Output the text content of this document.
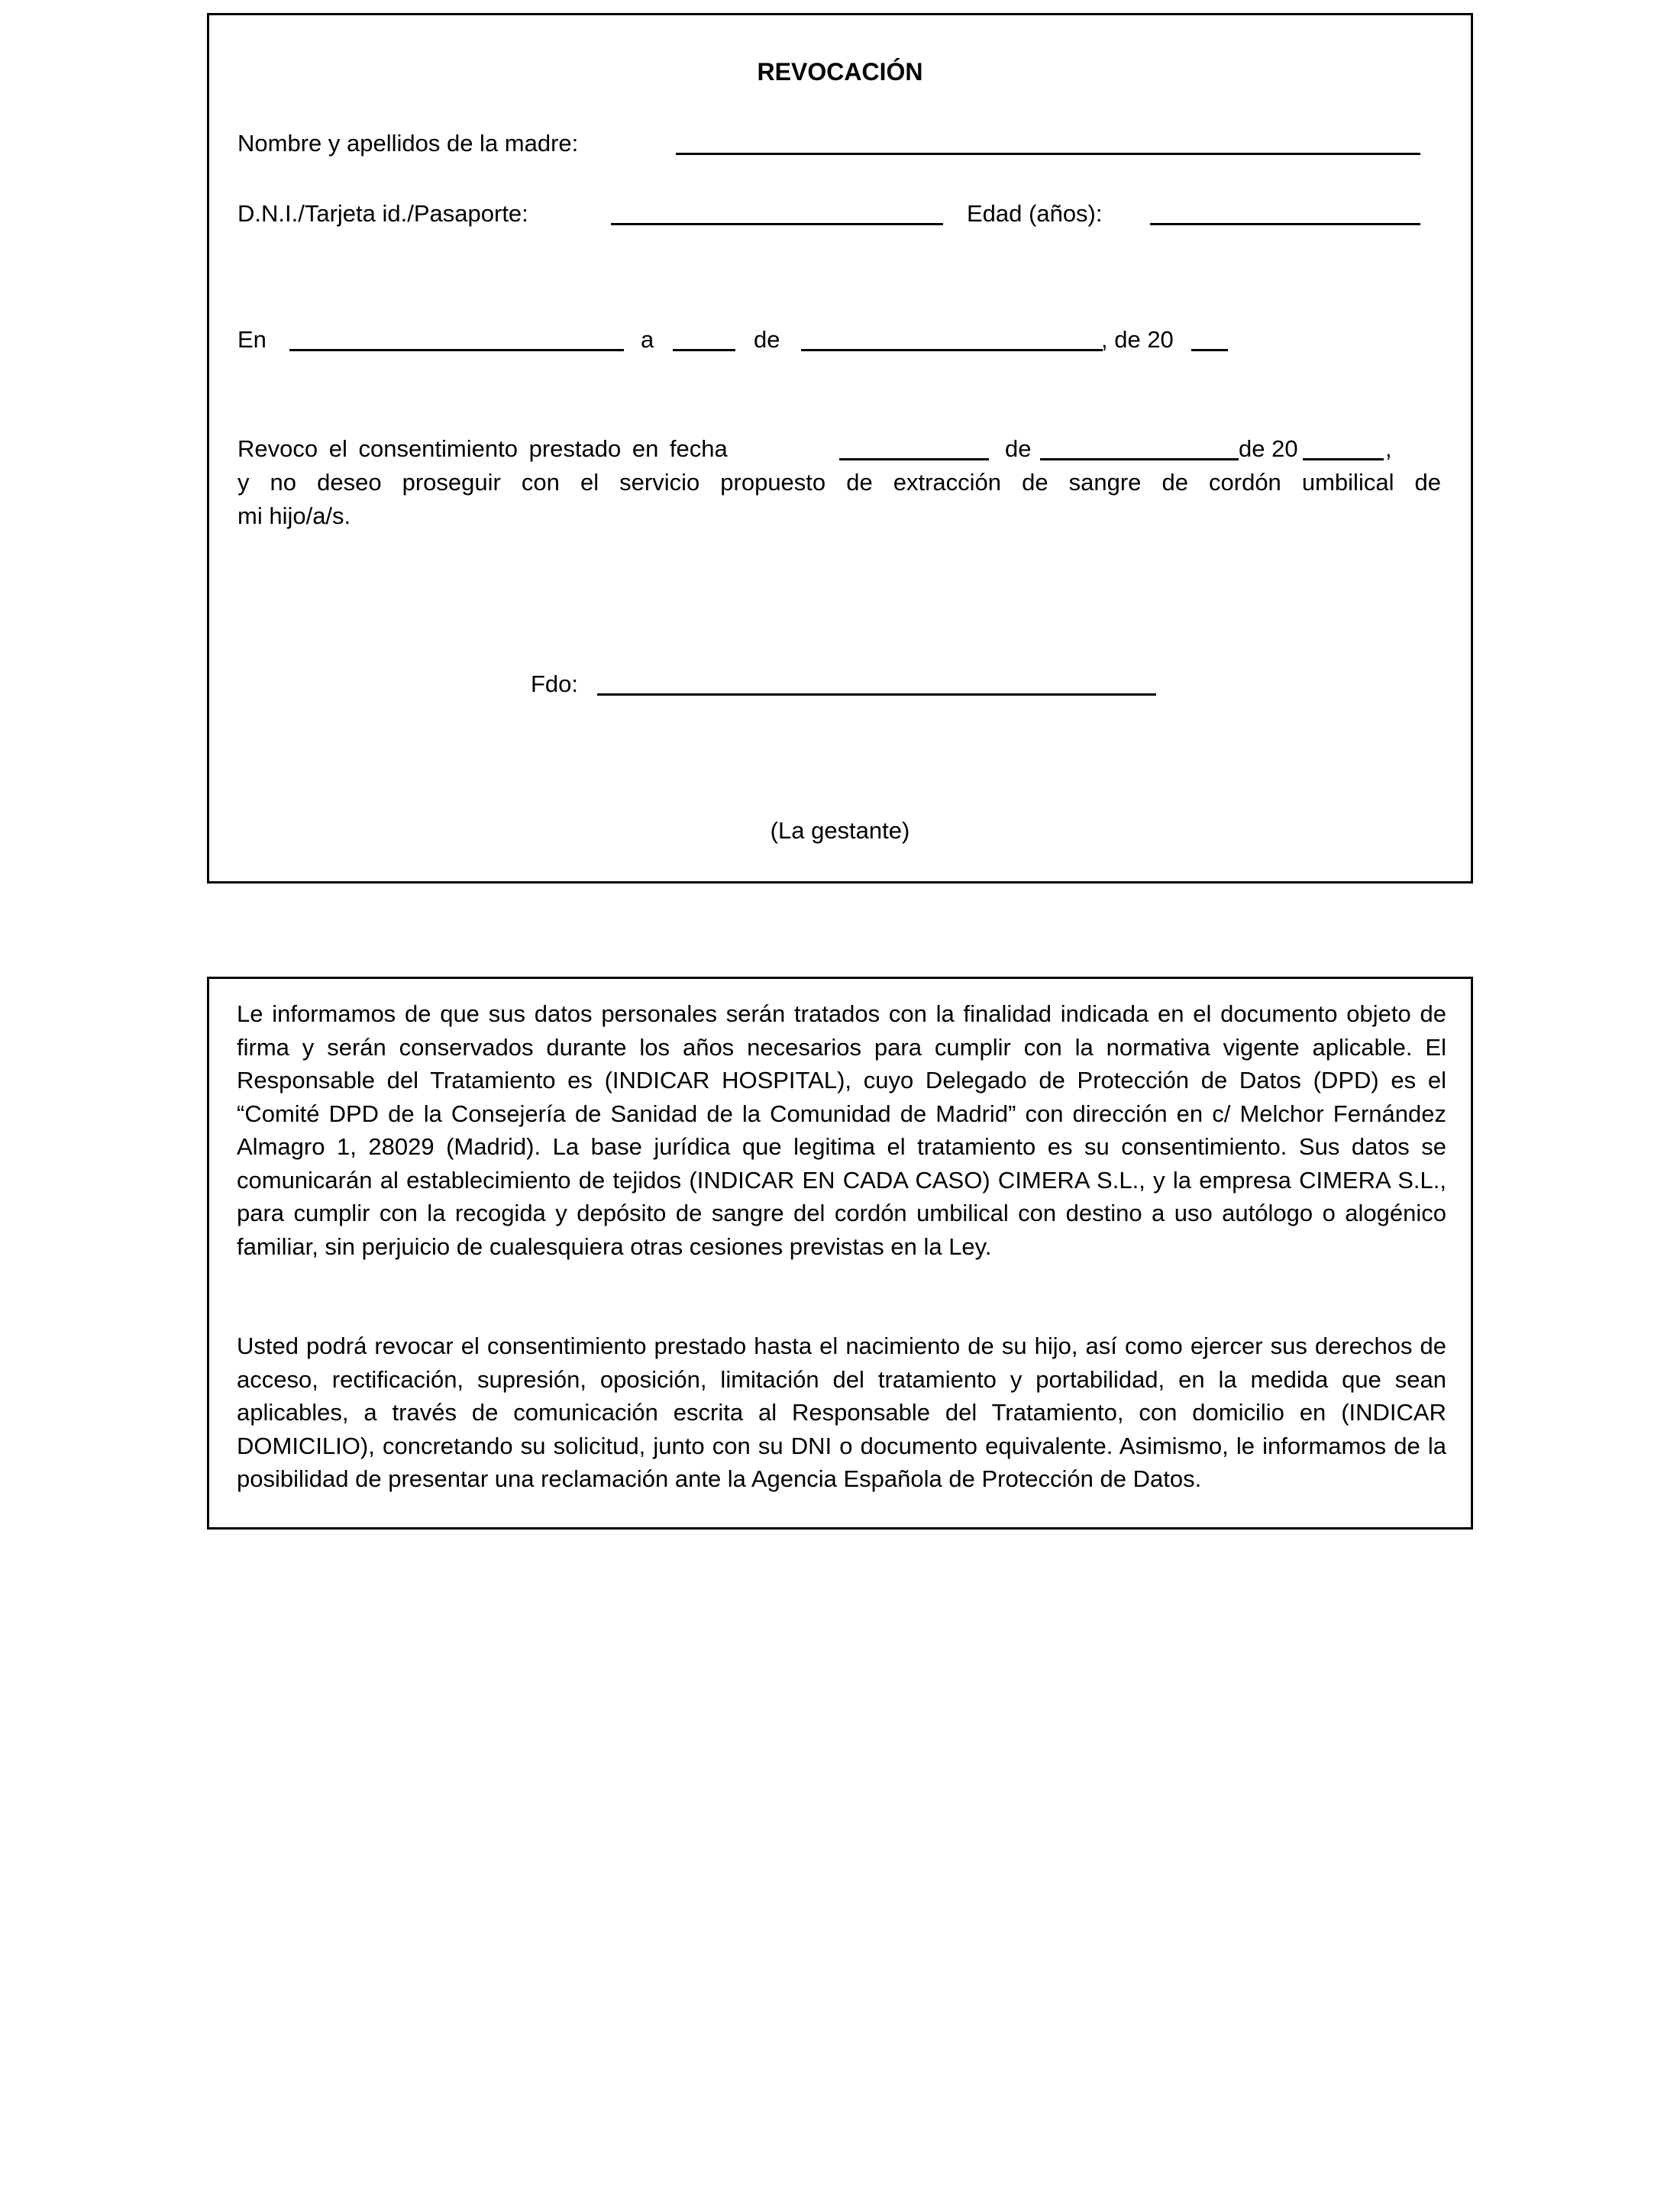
REVOCACIÓN
Nombre y apellidos de la madre:
D.N.I./Tarjeta id./Pasaporte:	Edad (años):
En	a	de	, de 20
Revoco el consentimiento prestado en fecha	de	de 20	,
y no deseo proseguir con el servicio propuesto de extracción de sangre de cordón umbilical de
mi hijo/a/s.
Fdo:
(La gestante)
Le informamos de que sus datos personales serán tratados con la finalidad indicada en el documento objeto de firma y serán conservados durante los años necesarios para cumplir con la normativa vigente aplicable. El Responsable del Tratamiento es (INDICAR HOSPITAL), cuyo Delegado de Protección de Datos (DPD) es el “Comité DPD de la Consejería de Sanidad de la Comunidad de Madrid” con dirección en c/ Melchor Fernández Almagro 1, 28029 (Madrid). La base jurídica que legitima el tratamiento es su consentimiento. Sus datos se comunicarán al establecimiento de tejidos (INDICAR EN CADA CASO) CIMERA S.L., y la empresa CIMERA S.L., para cumplir con la recogida y depósito de sangre del cordón umbilical con destino a uso autólogo o alogénico familiar, sin perjuicio de cualesquiera otras cesiones previstas en la Ley.
Usted podrá revocar el consentimiento prestado hasta el nacimiento de su hijo, así como ejercer sus derechos de acceso, rectificación, supresión, oposición, limitación del tratamiento y portabilidad, en la medida que sean aplicables, a través de comunicación escrita al Responsable del Tratamiento, con domicilio en (INDICAR DOMICILIO), concretando su solicitud, junto con su DNI o documento equivalente. Asimismo, le informamos de la posibilidad de presentar una reclamación ante la Agencia Española de Protección de Datos.
